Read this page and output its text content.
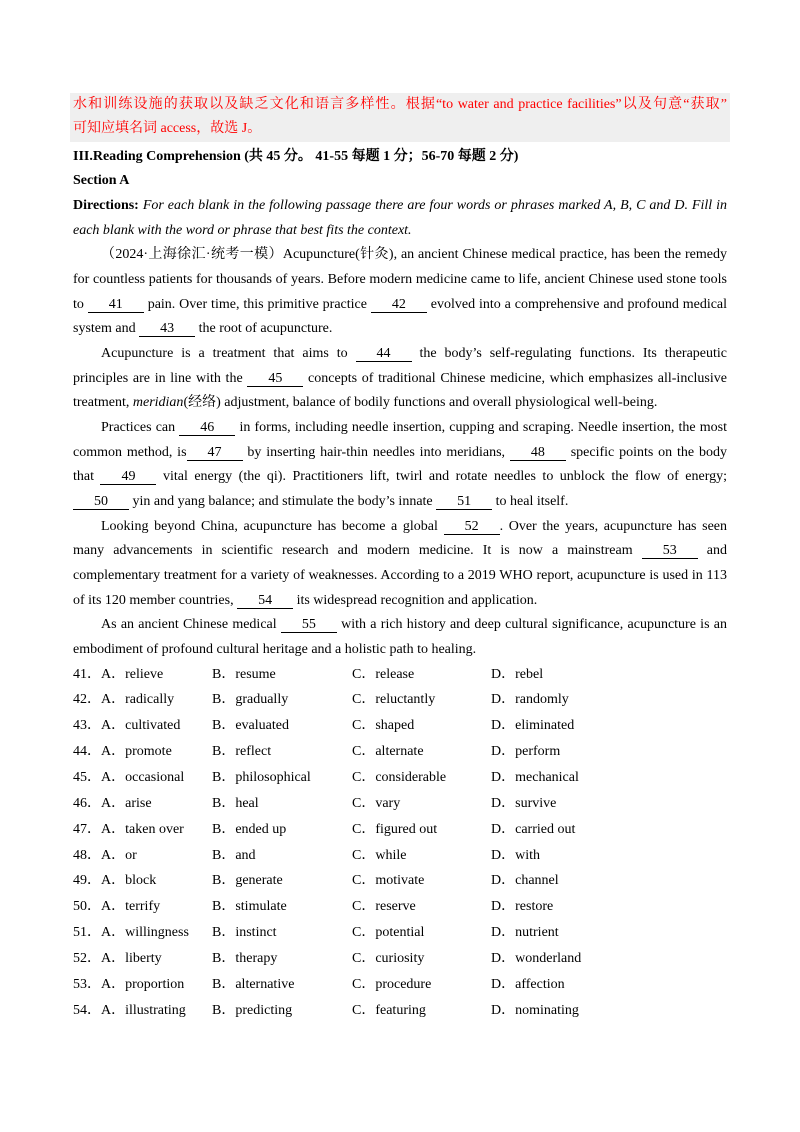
水和训练设施的获取以及缺乏文化和语言多样性。根据“to water and practice facilities”以及句意“获取”
可知应填名词 access，故选 J。
III.Reading Comprehension (共 45 分。 41-55 每题 1 分；56-70 每题 2 分)
Section A
Directions: For each blank in the following passage there are four words or phrases marked A, B, C and D. Fill in each blank with the word or phrase that best fits the context.

（2024·上海徐汇·统考一模）Acupuncture(针灸), an ancient Chinese medical practice, has been the remedy for countless patients for thousands of years. Before modern medicine came to life, ancient Chinese used stone tools to 41 pain. Over time, this primitive practice 42 evolved into a comprehensive and profound medical system and 43 the root of acupuncture.

Acupuncture is a treatment that aims to 44 the body’s self-regulating functions. Its therapeutic principles are in line with the 45 concepts of traditional Chinese medicine, which emphasizes all-inclusive treatment, meridian(经络) adjustment, balance of bodily functions and overall physiological well-being.

Practices can 46 in forms, including needle insertion, cupping and scraping. Needle insertion, the most common method, is 47 by inserting hair-thin needles into meridians, 48 specific points on the body that 49 vital energy (the qi). Practitioners lift, twirl and rotate needles to unblock the flow of energy; 50 yin and yang balance; and stimulate the body’s innate 51 to heal itself.

Looking beyond China, acupuncture has become a global 52 . Over the years, acupuncture has seen many advancements in scientific research and modern medicine. It is now a mainstream 53 and complementary treatment for a variety of weaknesses. According to a 2019 WHO report, acupuncture is used in 113 of its 120 member countries, 54 its widespread recognition and application.

As an ancient Chinese medical 55 with a rich history and deep cultural significance, acupuncture is an embodiment of profound cultural heritage and a holistic path to healing.

41．A．relieve	B．resume	C．release	D．rebel
42．A．radically	B．gradually	C．reluctantly	D．randomly
43．A．cultivated	B．evaluated	C．shaped	D．eliminated
44．A．promote	B．reflect	C．alternate	D．perform
45．A．occasional	B．philosophical	C．considerable	D．mechanical
46．A．arise	B．heal	C．vary	D．survive
47．A．taken over	B．ended up	C．figured out	D．carried out
48．A．or	B．and	C．while	D．with
49．A．block	B．generate	C．motivate	D．channel
50．A．terrify	B．stimulate	C．reserve	D．restore
51．A．willingness	B．instinct	C．potential	D．nutrient
52．A．liberty	B．therapy	C．curiosity	D．wonderland
53．A．proportion	B．alternative	C．procedure	D．affection
54．A．illustrating	B．predicting	C．featuring	D．nominating
